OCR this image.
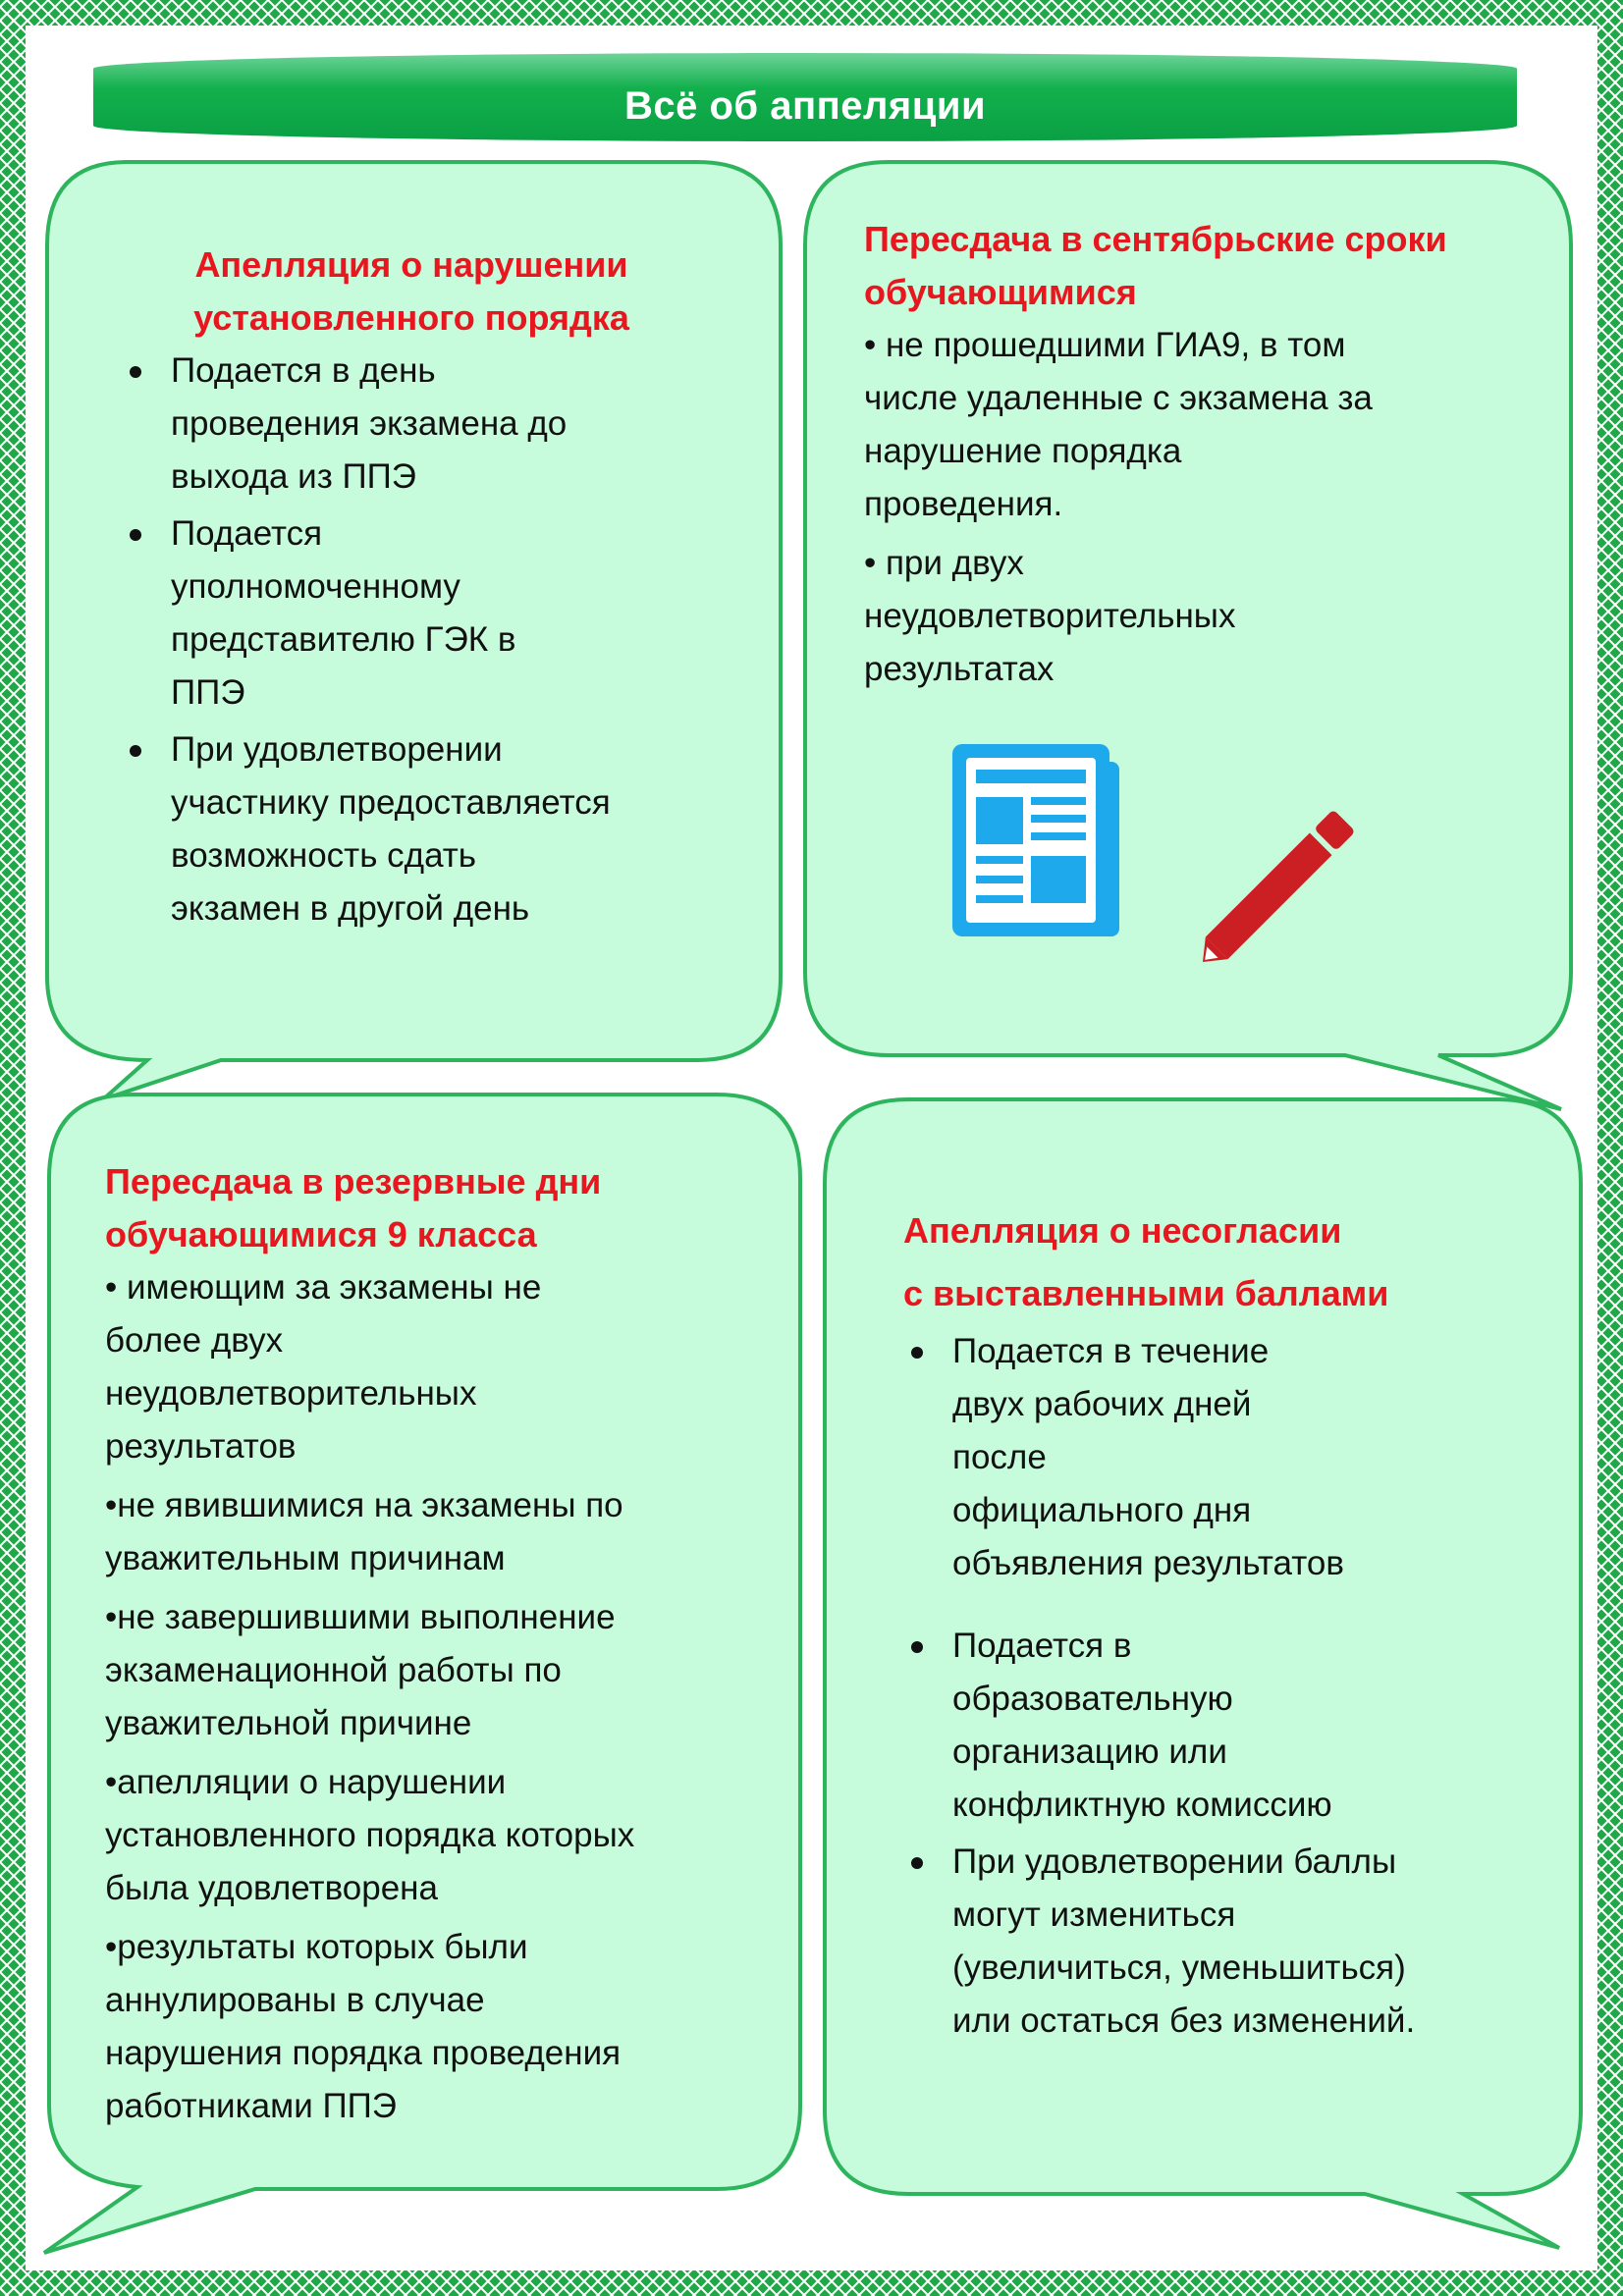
Всё об аппеляции
Апелляция о нарушении
установленного порядка
Подается в день
проведения экзамена до
выхода из ППЭ
Подается
уполномоченному
представителю ГЭК в
ППЭ
При удовлетворении
участнику предоставляется
возможность сдать
экзамен в другой день
Пересдача в сентябрьские сроки
обучающимися

• не прошедшими ГИА9, в том
числе удаленные с экзамена за
нарушение порядка
проведения.

• при двух
неудовлетворительных
результатах

Пересдача в резервные дни
обучающимися 9 класса

• имеющим за экзамены не
более двух
неудовлетворительных
результатов

•не явившимися на экзамены по
уважительным причинам

•не завершившими выполнение
экзаменационной работы по
уважительной причине

•апелляции о нарушении
установленного порядка которых
была удовлетворена

•результаты которых были
аннулированы в случае
нарушения порядка проведения
работниками ППЭ

Апелляция о несогласии
с выставленными баллами
Подается в течение
двух рабочих дней
после
официального дня
объявления результатов
Подается в
образовательную
организацию или
конфликтную комиссию
При удовлетворении баллы
могут измениться
(увеличиться, уменьшиться)
или остаться без изменений.
